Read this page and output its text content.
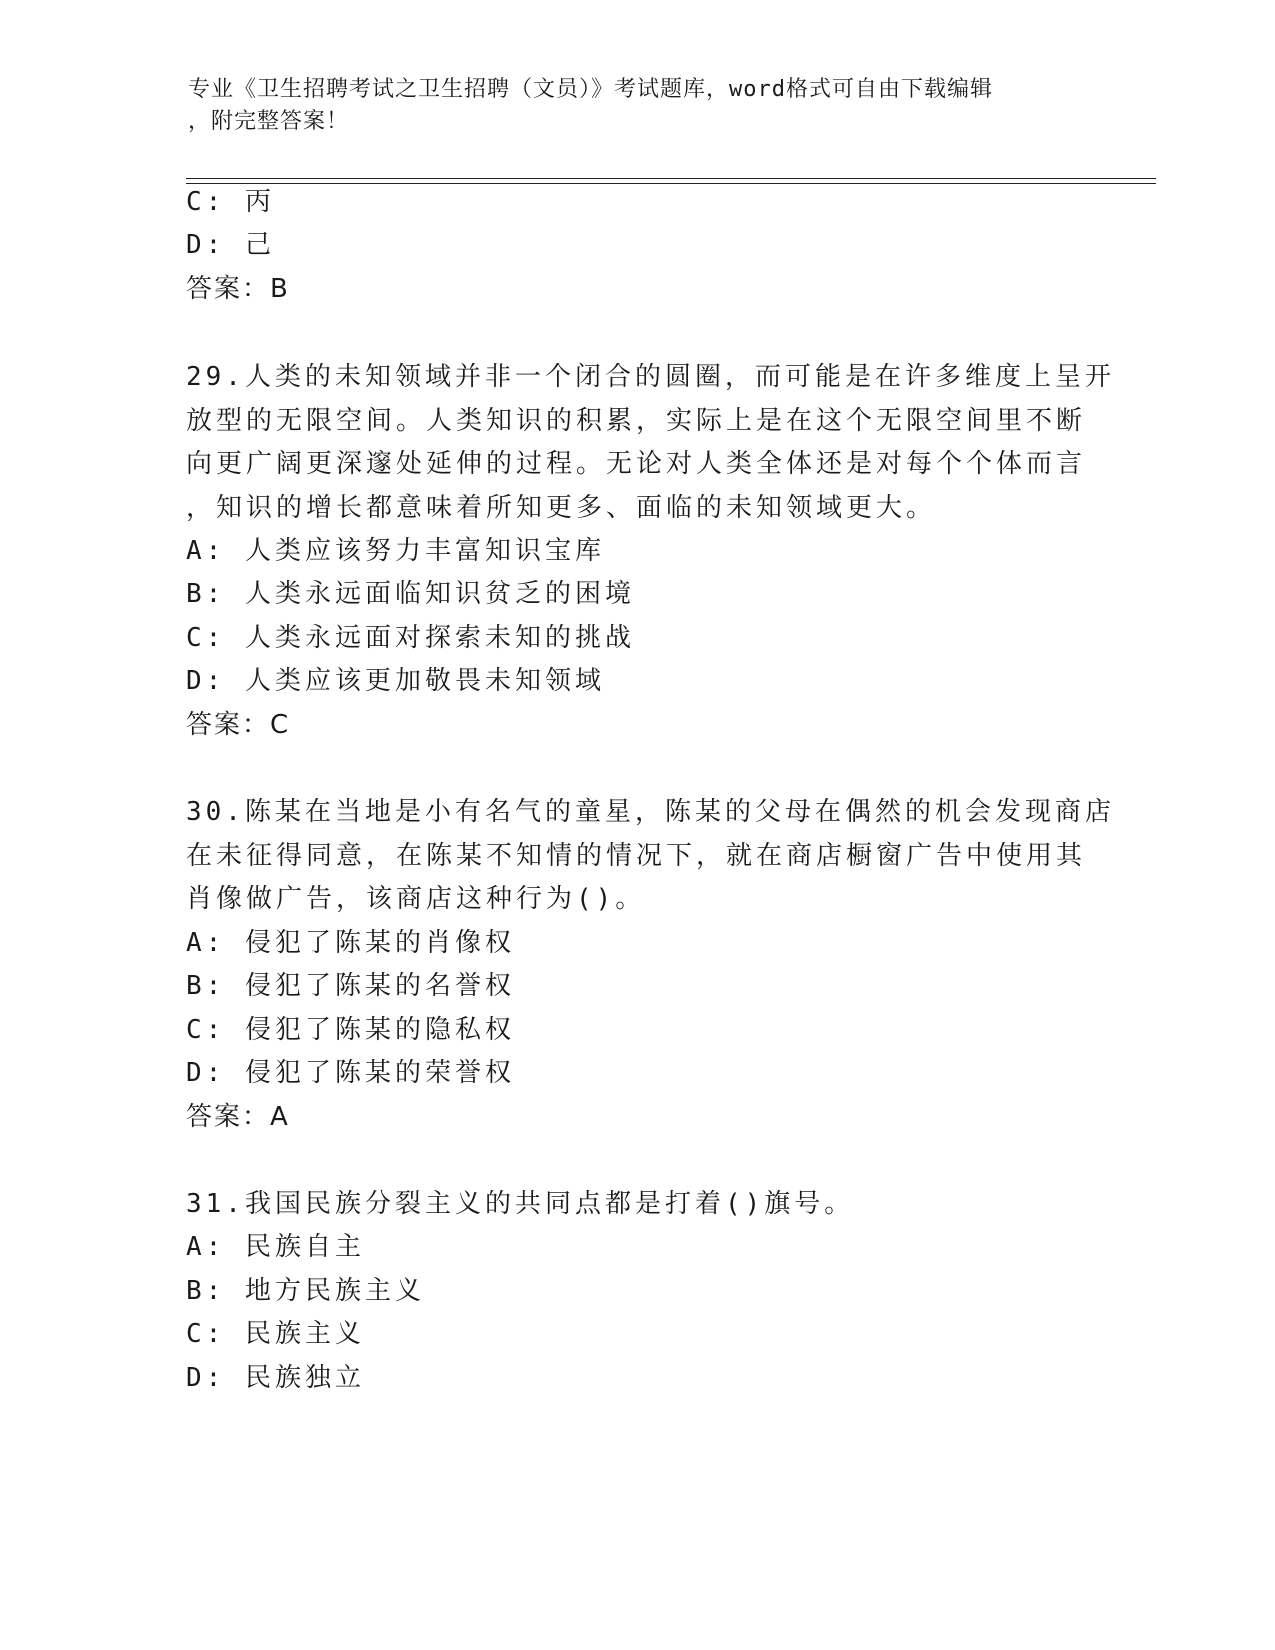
专业《卫生招聘考试之卫生招聘（文员）》考试题库，word格式可自由下载编辑
，附完整答案！
C: 丙
D: 己
答案：B
29.人类的未知领域并非一个闭合的圆圈，而可能是在许多维度上呈开
放型的无限空间。人类知识的积累，实际上是在这个无限空间里不断
向更广阔更深邃处延伸的过程。无论对人类全体还是对每个个体而言
，知识的增长都意味着所知更多、面临的未知领域更大。
A: 人类应该努力丰富知识宝库
B: 人类永远面临知识贫乏的困境
C: 人类永远面对探索未知的挑战
D: 人类应该更加敬畏未知领域
答案：C
30.陈某在当地是小有名气的童星，陈某的父母在偶然的机会发现商店
在未征得同意，在陈某不知情的情况下，就在商店橱窗广告中使用其
肖像做广告，该商店这种行为()。
A: 侵犯了陈某的肖像权
B: 侵犯了陈某的名誉权
C: 侵犯了陈某的隐私权
D: 侵犯了陈某的荣誉权
答案：A
31.我国民族分裂主义的共同点都是打着()旗号。
A: 民族自主
B: 地方民族主义
C: 民族主义
D: 民族独立
